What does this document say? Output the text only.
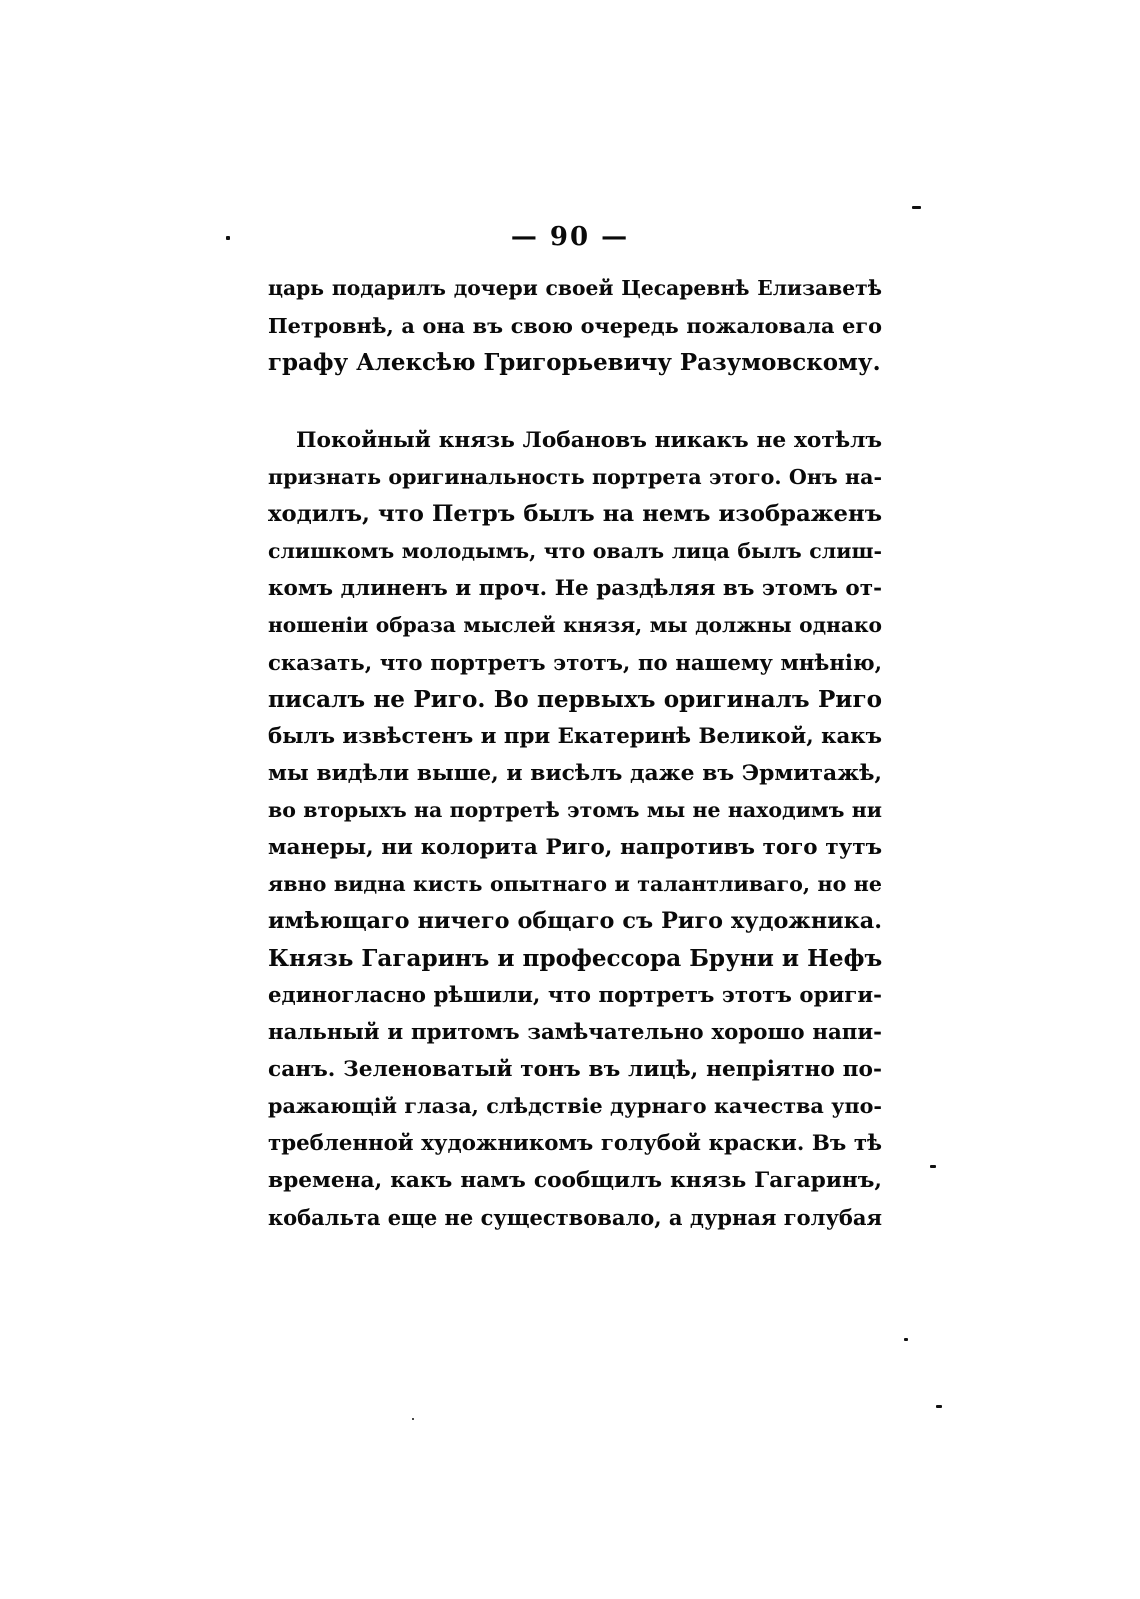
— 90 —
царь подарилъ дочери своей Цесаревнѣ Елизаветѣ
Петровнѣ, а она въ свою очередь пожаловала его
графу Алексѣю Григорьевичу Разумовскому.
Покойный князь Лобановъ никакъ не хотѣлъ
признать оригинальность портрета этого. Онъ на-
ходилъ, что Петръ былъ на немъ изображенъ
слишкомъ молодымъ, что овалъ лица былъ слиш-
комъ длиненъ и проч. Не раздѣляя въ этомъ от-
ношенiи образа мыслей князя, мы должны однако
сказать, что портретъ этотъ, по нашему мнѣнiю,
писалъ не Риго. Во первыхъ оригиналъ Риго
былъ извѣстенъ и при Екатеринѣ Великой, какъ
мы видѣли выше, и висѣлъ даже въ Эрмитажѣ,
во вторыхъ на портретѣ этомъ мы не находимъ ни
манеры, ни колорита Риго, напротивъ того тутъ
явно видна кисть опытнаго и талантливаго, но не
имѣющаго ничего общаго съ Риго художника.
Князь Гагаринъ и профессора Бруни и Нефъ
единогласно рѣшили, что портретъ этотъ ориги-
нальный и притомъ замѣчательно хорошо напи-
санъ. Зеленоватый тонъ въ лицѣ, непрiятно по-
ражающiй глаза, слѣдствiе дурнаго качества упо-
требленной художникомъ голубой краски. Въ тѣ
времена, какъ намъ сообщилъ князь Гагаринъ,
кобальта еще не существовало, а дурная голубая
